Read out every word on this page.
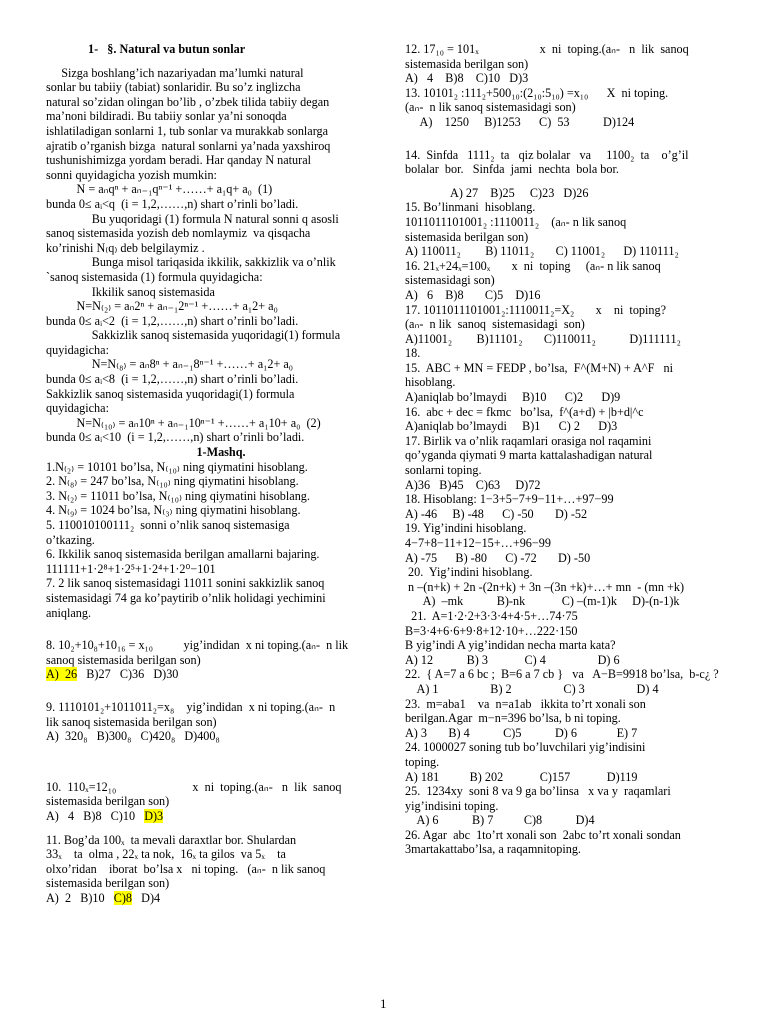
1-   §. Natural va butun sonlar
Sizga boshlang’ich nazariyadan ma’lumki natural
sonlar bu tabiiy (tabiat) sonlaridir. Bu so’z inglizcha
natural so’zidan olingan bo’lib , o’zbek tilida tabiiy degan
ma’noni bildiradi. Bu tabiiy sonlar ya’ni sonoqda
ishlatiladigan sonlarni 1, tub sonlar va murakkab sonlarga
ajratib o’rganish bizga  natural sonlarni ya’nada yaxshiroq
tushunishimizga yordam beradi. Har qanday N natural
sonni quyidagicha yozish mumkin:
N = aₙqⁿ + aₙ₋₁qⁿ⁻¹ +……+ a₁q+ a₀  (1)
bunda 0≤ aᵢ<q  (i = 1,2,……,n) shart o’rinli bo’ladi.
Bu yuqoridagi (1) formula N natural sonni q asosli
sanoq sistemasida yozish deb nomlaymiz  va qisqacha
ko’rinishi N₍q₎ deb belgilaymiz .
Bunga misol tariqasida ikkilik, sakkizlik va o’nlik
`sanoq sistemasida (1) formula quyidagicha:
Ikkilik sanoq sistemasida
N=N₍₂₎ = aₙ2ⁿ + aₙ₋₁2ⁿ⁻¹ +……+ a₁2+ a₀
bunda 0≤ aᵢ<2  (i = 1,2,……,n) shart o’rinli bo’ladi.
Sakkizlik sanoq sistemasida yuqoridagi(1) formula
quyidagicha:
N=N₍₈₎ = aₙ8ⁿ + aₙ₋₁8ⁿ⁻¹ +……+ a₁2+ a₀
bunda 0≤ aᵢ<8  (i = 1,2,……,n) shart o’rinli bo’ladi.
Sakkizlik sanoq sistemasida yuqoridagi(1) formula
quyidagicha:
N=N₍₁₀₎ = aₙ10ⁿ + aₙ₋₁10ⁿ⁻¹ +……+ a₁10+ a₀  (2)
bunda 0≤ aᵢ<10  (i = 1,2,……,n) shart o’rinli bo’ladi.
1-Mashq.
1.N₍₂₎ = 10101 bo’lsa, N₍₁₀₎ ning qiymatini hisoblang.
2. N₍₈₎ = 247 bo’lsa, N₍₁₀₎ ning qiymatini hisoblang.
3. N₍₂₎ = 11011 bo’lsa, N₍₁₀₎ ning qiymatini hisoblang.
4. N₍₉₎ = 1024 bo’lsa, N₍₃₎ ning qiymatini hisoblang.
5. 110010100111₂  sonni o’nlik sanoq sistemasiga
o’tkazing.
6. Ikkilik sanoq sistemasida berilgan amallarni bajaring.
111111+1·2⁸+1·2⁵+1·2⁴+1·2⁰−101
7. 2 lik sanoq sistemasidagi 11011 sonini sakkizlik sanoq
sistemasidagi 74 ga ko’paytirib o’nlik holidagi yechimini
aniqlang.
8. 10₂+10₈+10₁₆ = x₁₀          yig’indidan  x ni toping.(aₙ-  n lik
sanoq sistemasida berilgan son)
A)  26 B)27 C)36 D)30
9. 1110101₂+1011011₂=x₈    yig’indidan  x ni toping.(aₙ-  n
lik sanoq sistemasida berilgan son)
A)  320₈ B)300₈ C)420₈ D)400₈
10.  110ₓ=12₁₀                         x  ni  toping.(aₙ-   n  lik  sanoq
sistemasida berilgan son)
A)   4 B)8 C)10 D)3
11. Bog’da 100ₓ  ta mevali daraxtlar bor. Shulardan
33ₓ    ta  olma , 22ₓ ta nok,  16ₓ ta gilos  va 5ₓ    ta
olxo’ridan    iborat  bo’lsa x   ni toping.   (aₙ-  n lik sanoq
sistemasida berilgan son)
A)  2 B)10 C)8 D)4
12. 17₁₀ = 101ₓ                    x  ni  toping.(aₙ-   n  lik  sanoq
sistemasida berilgan son)
A)   4    B)8    C)10   D)3
13. 10101₂ :111₂+500₁₀:(2₁₀:5₁₀) =x₁₀      X  ni toping.
(aₙ-  n lik sanoq sistemasidagi son)
A)    1250     B)1253      C)  53           D)124
14.  Sinfda   1111₂  ta   qiz bolalar   va     1100₂  ta    o’g’il
bolalar  bor.   Sinfda  jami  nechta  bola bor.
A) 27    B)25     C)23   D)26
15. Bo’linmani  hisoblang.
1011011101001₂ :1110011₂    (aₙ- n lik sanoq
sistemasida berilgan son)
A) 110011₂        B) 11011₂       C) 11001₂      D) 110111₂
16. 21ₓ+24ₓ=100ₓ       x  ni  toping     (aₙ- n lik sanoq
sistemasidagi son)
A)   6    B)8       C)5    D)16
17. 1011011101001₂:1110011₂=X₂       x    ni  toping?
(aₙ-  n lik  sanoq  sistemasidagi  son)
A)11001₂        B)11101₂       C)110011₂           D)111111₂
18.
15.  ABC + MN = FEDP , bo’lsa,  F^(M+N) + A^F   ni
hisoblang.
A)aniqlab bo’lmaydi     B)10      C)2      D)9
16.  abc + dec = fkmc   bo’lsa,  f^(a+d) + |b+d|^c
A)aniqlab bo’lmaydi     B)1      C) 2      D)3
17. Birlik va o’nlik raqamlari orasiga nol raqamini
qo’yganda qiymati 9 marta kattalashadigan natural
sonlarni toping.
A)36   B)45    C)63     D)72
18. Hisoblang: 1−3+5−7+9−11+…+97−99
A) -46     B) -48      C) -50       D) -52
19. Yig’indini hisoblang.
4−7+8−11+12−15+…+96−99
A) -75      B) -80      C) -72       D) -50
20.  Yig’indini hisoblang.
n –(n+k) + 2n -(2n+k) + 3n –(3n +k)+…+ mn  - (mn +k)
A)  –mk           B)-nk            C) –(m-1)k     D)-(n-1)k
21.  A=1·2·2+3·3·4+4·5+…74·75
B=3·4+6·6+9·8+12·10+…222·150
B yig’indi A yig’indidan necha marta kata?
A) 12           B) 3            C) 4                 D) 6
22.  { A=7 a 6 bc ;  B=6 a 7 cb }   va   A−B=9918 bo’lsa,  b-c¿ ?
A) 1                 B) 2                 C) 3                 D) 4
23.  m=aba1    va  n=a1ab   ikkita to’rt xonali son
berilgan.Agar  m−n=396 bo’lsa, b ni toping.
A) 3       B) 4           C)5           D) 6             E) 7
24. 1000027 soning tub bo’luvchilari yig’indisini
toping.
A) 181          B) 202            C)157            D)119
25.  1234xy  soni 8 va 9 ga bo’linsa   x va y  raqamlari
yig’indisini toping.
A) 6           B) 7          C)8           D)4
26. Agar  abc  1to’rt xonali son  2abc to’rt xonali sondan
3martakattabo’lsa, a raqamnitoping.
1
